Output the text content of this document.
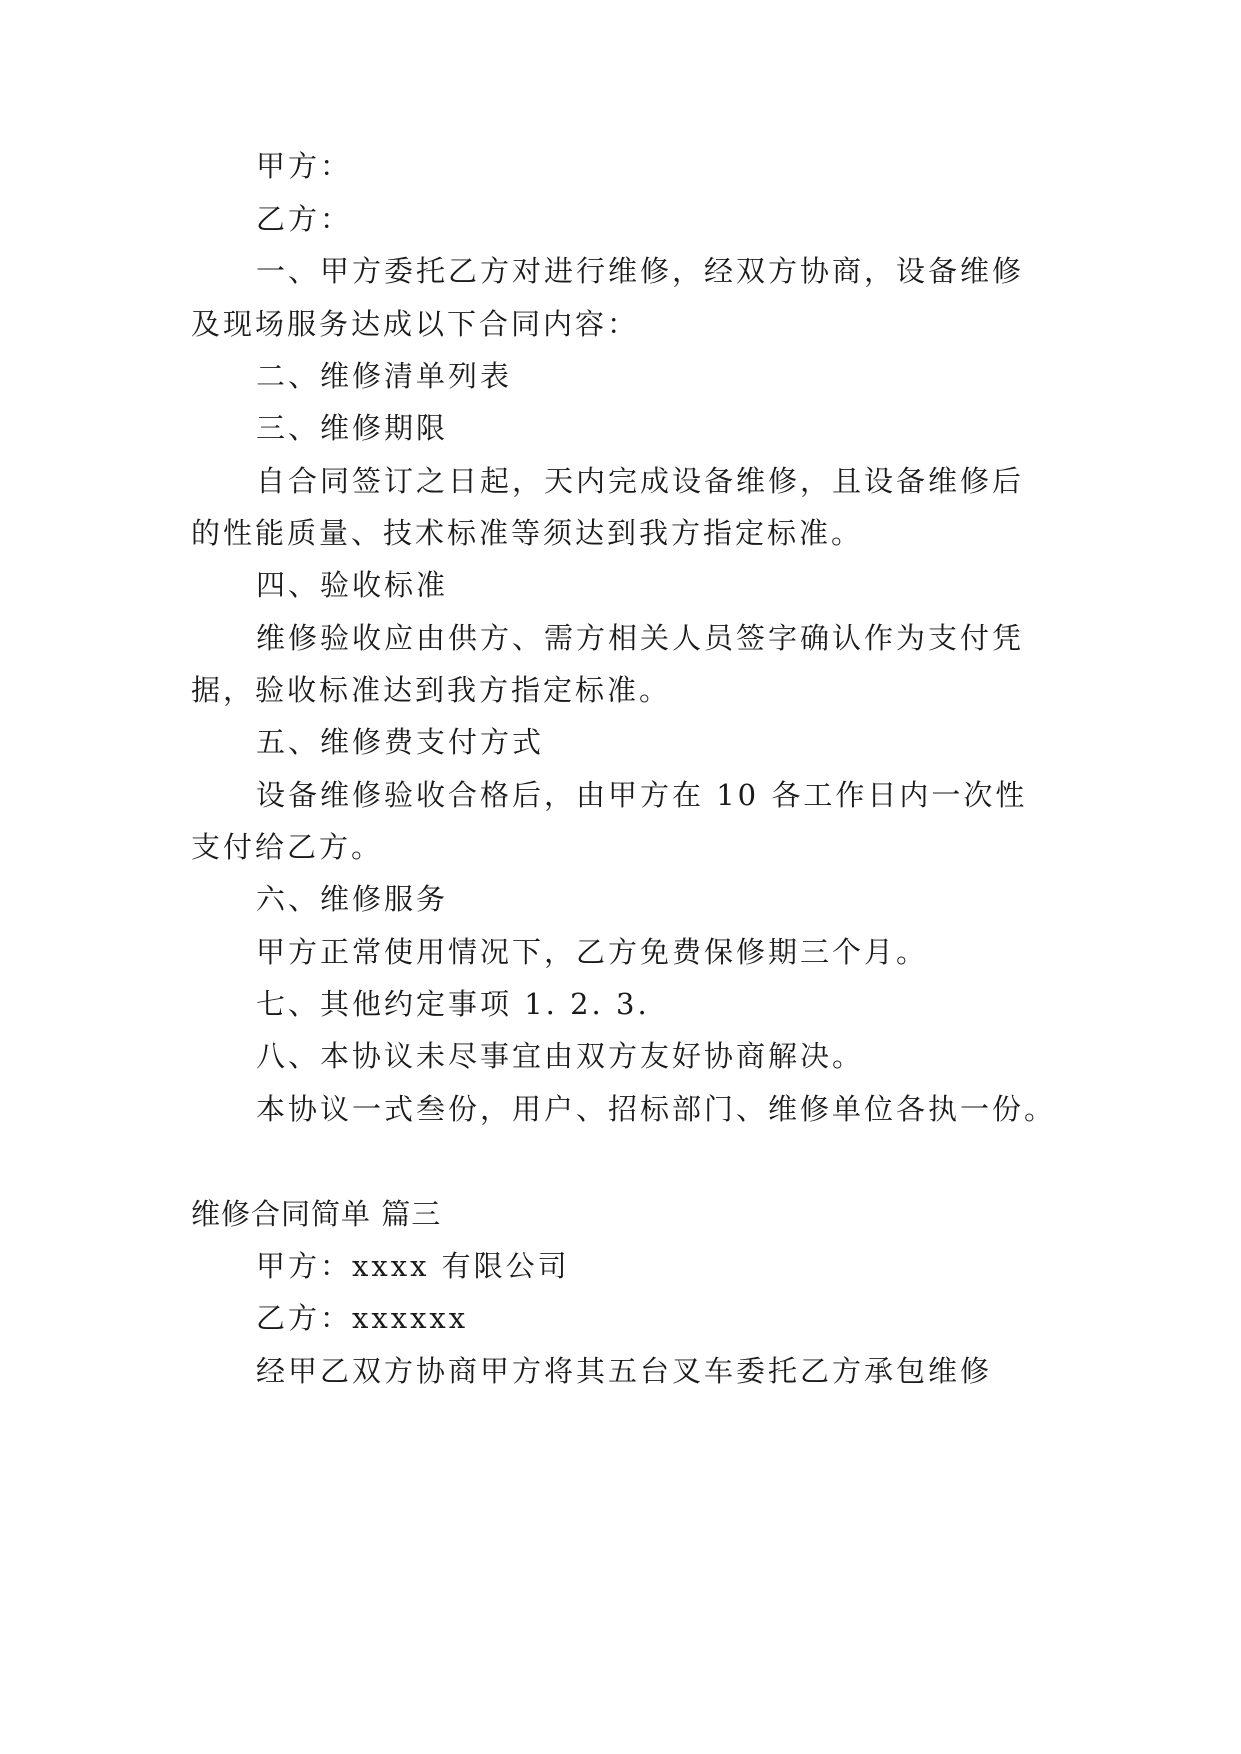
甲方：
乙方：
一、甲方委托乙方对进行维修，经双方协商，设备维修
及现场服务达成以下合同内容：
二、维修清单列表
三、维修期限
自合同签订之日起，天内完成设备维修，且设备维修后
的性能质量、技术标准等须达到我方指定标准。
四、验收标准
维修验收应由供方、需方相关人员签字确认作为支付凭
据，验收标准达到我方指定标准。
五、维修费支付方式
设备维修验收合格后，由甲方在 10 各工作日内一次性
支付给乙方。
六、维修服务
甲方正常使用情况下，乙方免费保修期三个月。
七、其他约定事项 1. 2. 3.
八、本协议未尽事宜由双方友好协商解决。
本协议一式叁份，用户、招标部门、维修单位各执一份。
维修合同简单 篇三
甲方：xxxx 有限公司
乙方：xxxxxx
经甲乙双方协商甲方将其五台叉车委托乙方承包维修
